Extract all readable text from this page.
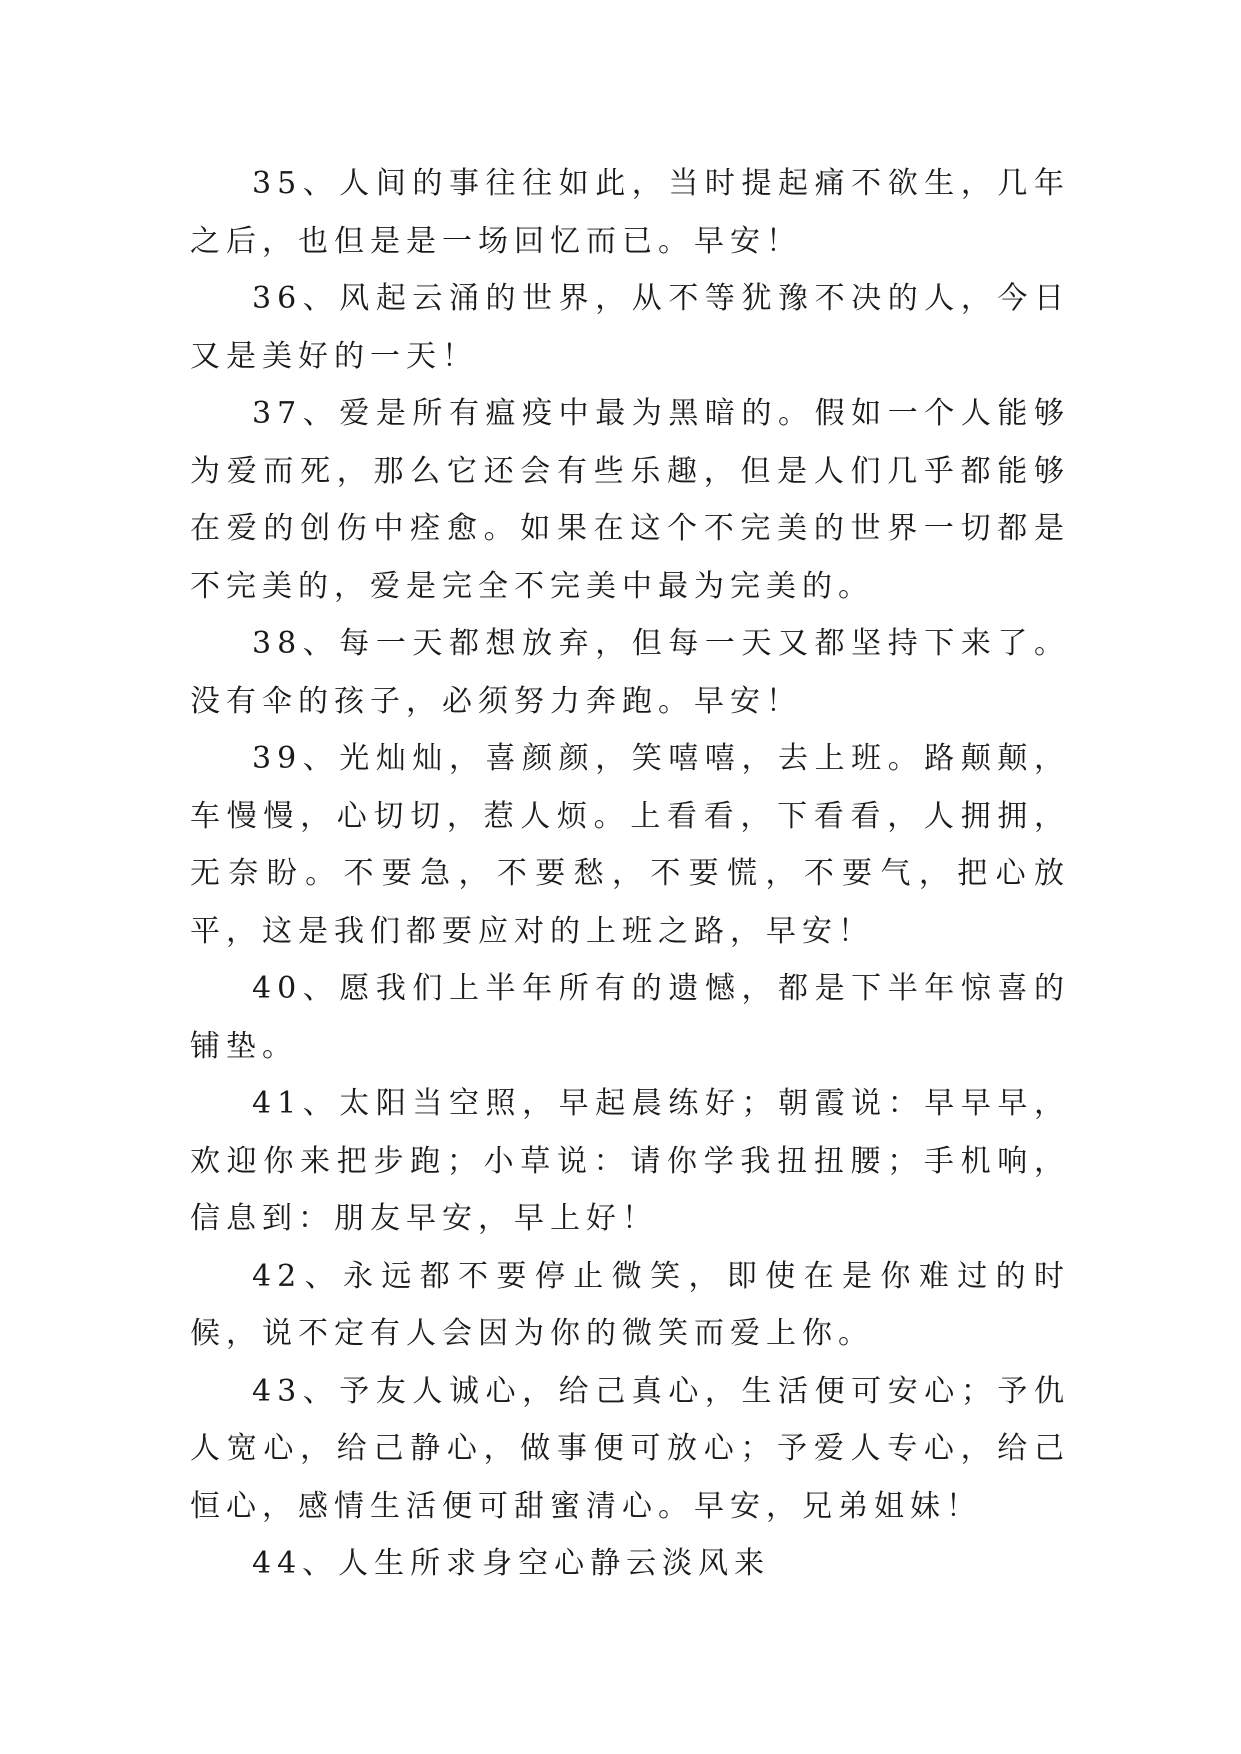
35、人间的事往往如此，当时提起痛不欲生，几年之后，也但是是一场回忆而已。早安！

36、风起云涌的世界，从不等犹豫不决的人，今日又是美好的一天！

37、爱是所有瘟疫中最为黑暗的。假如一个人能够为爱而死，那么它还会有些乐趣，但是人们几乎都能够在爱的创伤中痊愈。如果在这个不完美的世界一切都是不完美的，爱是完全不完美中最为完美的。

38、每一天都想放弃，但每一天又都坚持下来了。没有伞的孩子，必须努力奔跑。早安！

39、光灿灿，喜颜颜，笑嘻嘻，去上班。路颠颠，车慢慢，心切切，惹人烦。上看看，下看看，人拥拥，无奈盼。不要急，不要愁，不要慌，不要气，把心放平，这是我们都要应对的上班之路，早安！

40、愿我们上半年所有的遗憾，都是下半年惊喜的铺垫。

41、太阳当空照，早起晨练好；朝霞说：早早早，欢迎你来把步跑；小草说：请你学我扭扭腰；手机响，信息到：朋友早安，早上好！

42、永远都不要停止微笑，即使在是你难过的时候，说不定有人会因为你的微笑而爱上你。

43、予友人诚心，给己真心，生活便可安心；予仇人宽心，给己静心，做事便可放心；予爱人专心，给己恒心，感情生活便可甜蜜清心。早安，兄弟姐妹！

44、人生所求身空心静云淡风来
